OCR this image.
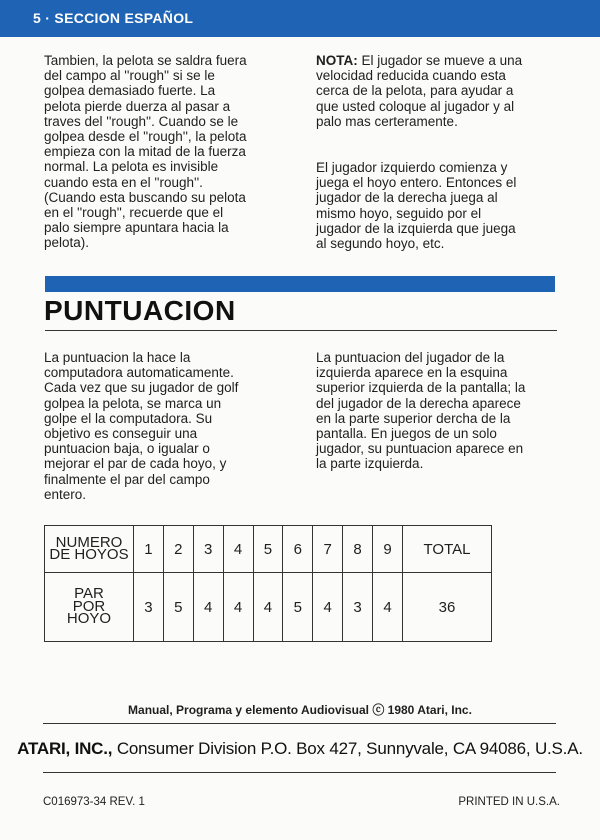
5 · SECCION ESPAÑOL

Tambien, la pelota se saldra fuera
del campo al ''rough'' si se le
golpea demasiado fuerte. La
pelota pierde duerza al pasar a
traves del ''rough''. Cuando se le
golpea desde el ''rough'', la pelota
empieza con la mitad de la fuerza
normal. La pelota es invisible
cuando esta en el ''rough''.
(Cuando esta buscando su pelota
en el ''rough'', recuerde que el
palo siempre apuntara hacia la
pelota).

NOTA: El jugador se mueve a una
velocidad reducida cuando esta
cerca de la pelota, para ayudar a
que usted coloque al jugador y al
palo mas certeramente.

El jugador izquierdo comienza y
juega el hoyo entero. Entonces el
jugador de la derecha juega al
mismo hoyo, seguido por el
jugador de la izquierda que juega
al segundo hoyo, etc.

PUNTUACION

La puntuacion la hace la
computadora automaticamente.
Cada vez que su jugador de golf
golpea la pelota, se marca un
golpe el la computadora. Su
objetivo es conseguir una
puntuacion baja, o igualar o
mejorar el par de cada hoyo, y
finalmente el par del campo
entero.

La puntuacion del jugador de la
izquierda aparece en la esquina
superior izquierda de la pantalla; la
del jugador de la derecha aparece
en la parte superior dercha de la
pantalla. En juegos de un solo
jugador, su puntuacion aparece en
la parte izquierda.

NUMERO
DE HOYOS	1	2	3	4	5	6	7	8	9	TOTAL
PAR
POR
HOYO	3	5	4	4	4	5	4	3	4	36
Manual, Programa y elemento Audiovisual ⓒ 1980 Atari, Inc.
ATARI, INC., Consumer Division P.O. Box 427, Sunnyvale, CA 94086, U.S.A.
C016973-34 REV. 1	PRINTED IN U.S.A.
